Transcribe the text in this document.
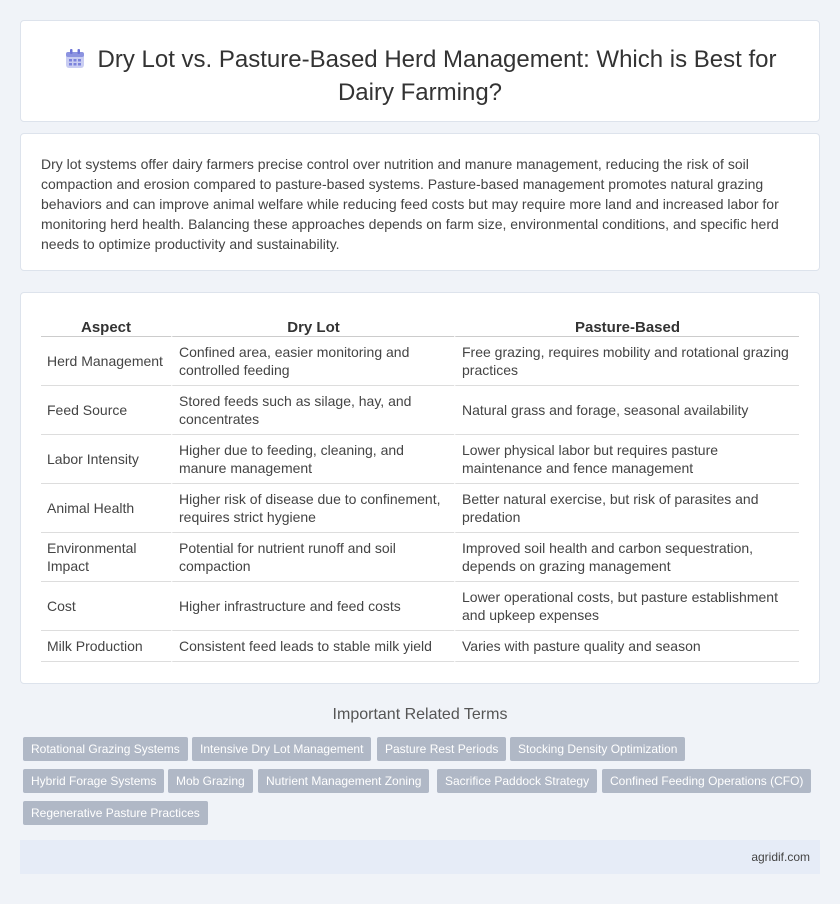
Dry Lot vs. Pasture-Based Herd Management: Which is Best for
Dairy Farming?

Dry lot systems offer dairy farmers precise control over nutrition and manure management, reducing the risk of soil compaction and erosion compared to pasture-based systems. Pasture-based management promotes natural grazing behaviors and can improve animal welfare while reducing feed costs but may require more land and increased labor for monitoring herd health. Balancing these approaches depends on farm size, environmental conditions, and specific herd needs to optimize productivity and sustainability.

Aspect	Dry Lot	Pasture-Based
Herd Management	Confined area, easier monitoring and controlled feeding	Free grazing, requires mobility and rotational grazing practices
Feed Source	Stored feeds such as silage, hay, and concentrates	Natural grass and forage, seasonal availability
Labor Intensity	Higher due to feeding, cleaning, and manure management	Lower physical labor but requires pasture maintenance and fence management
Animal Health	Higher risk of disease due to confinement, requires strict hygiene	Better natural exercise, but risk of parasites and predation
Environmental Impact	Potential for nutrient runoff and soil compaction	Improved soil health and carbon sequestration, depends on grazing management
Cost	Higher infrastructure and feed costs	Lower operational costs, but pasture establishment and upkeep expenses
Milk Production	Consistent feed leads to stable milk yield	Varies with pasture quality and season
Important Related Terms
Rotational Grazing Systems	Intensive Dry Lot Management	Pasture Rest Periods	Stocking Density Optimization
Hybrid Forage Systems	Mob Grazing	Nutrient Management Zoning	Sacrifice Paddock Strategy	Confined Feeding Operations (CFO)
Regenerative Pasture Practices
agridif.com
